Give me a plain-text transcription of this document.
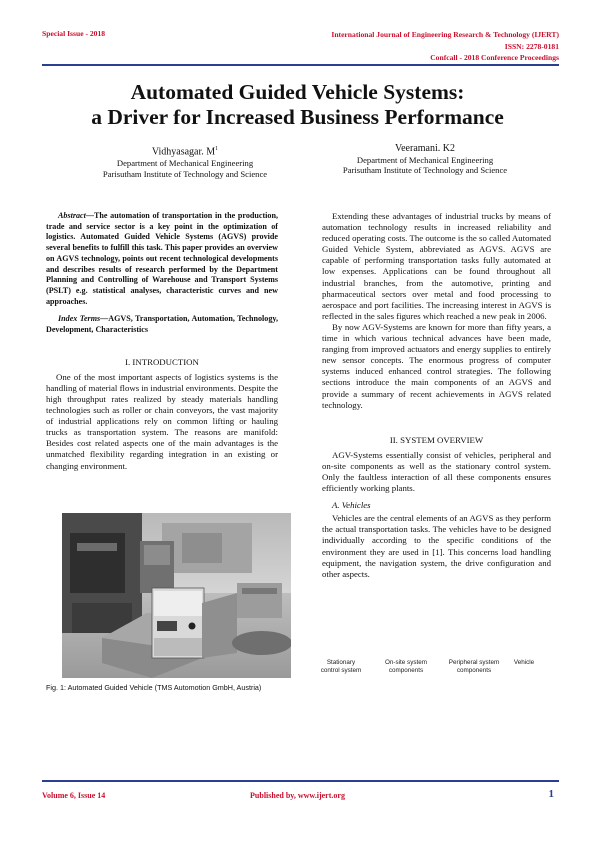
Special Issue - 2018	International Journal of Engineering Research & Technology (IJERT)
ISSN: 2278-0181
Confcall - 2018 Conference Proceedings
Automated Guided Vehicle Systems:
a Driver for Increased Business Performance
Vidhyasagar. $M^1$
Department of Mechanical Engineering
Parisutham Institute of Technology and Science
Veeramani. K2
Department of Mechanical Engineering
Parisutham Institute of Technology and Science

Abstract—The automation of transportation in the production, trade and service sector is a key point in the optimization of logistics. Automated Guided Vehicle Systems (AGVS) provide several benefits to fulfill this task. This paper provides an overview on AGVS technology, points out recent technological developments and describes results of research performed by the Department Planning and Controlling of Warehouse and Transport Systems (PSLT) e.g. statistical analyses, characteristic curves and new approaches.

Index Terms—AGVS, Transportation, Automation, Technology, Development, Characteristics

I. INTRODUCTION

One of the most important aspects of logistics systems is the handling of material flows in industrial environments. Despite the high throughput rates realized by steady materials handling technologies such as roller or chain conveyors, the vast majority of industrial applications rely on common lifting or hauling trucks as transportation system. The reasons are manifold: Besides cost related aspects one of the main advantages is the unmatched flexibility regarding integration in an existing or changing environment.

Fig. 1: Automated Guided Vehicle (TMS Automotion GmbH, Austria)

Extending these advantages of industrial trucks by means of automation technology results in increased reliability and reduced operating costs. The outcome is the so called Automated Guided Vehicle System, abbreviated as AGVS. AGVS are capable of performing transportation tasks fully automated at low expenses. Applications can be found throughout all industrial branches, from the automotive, printing and pharmaceutical sectors over metal and food processing to aerospace and port facilities. The increasing interest in AGVS is reflected in the sales figures which reached a new peak in 2006.

By now AGV-Systems are known for more than fifty years, a time in which various technical advances have been made, ranging from improved actuators and energy supplies to entirely new sensor concepts. The enormous progress of computer systems induced enhanced control strategies. The following sections introduce the main components of an AGVS and provide a summary of recent achievements in AGVS related technology.

II. SYSTEM OVERVIEW

AGV-Systems essentially consist of vehicles, peripheral and on-site components as well as the stationary control system. Only the faultless interaction of all these components ensures efficiently working plants.

A. Vehicles

Vehicles are the central elements of an AGVS as they perform the actual transportation tasks. The vehicles have to be designed individually according to the specific conditions of the environment they are used in [1]. This concerns load handling equipment, the navigation system, the drive configuration and other aspects.

Stationary control system
On-site system components
Peripheral system components
Vehicle
Volume 6, Issue 14	Published by, www.ijert.org	1
